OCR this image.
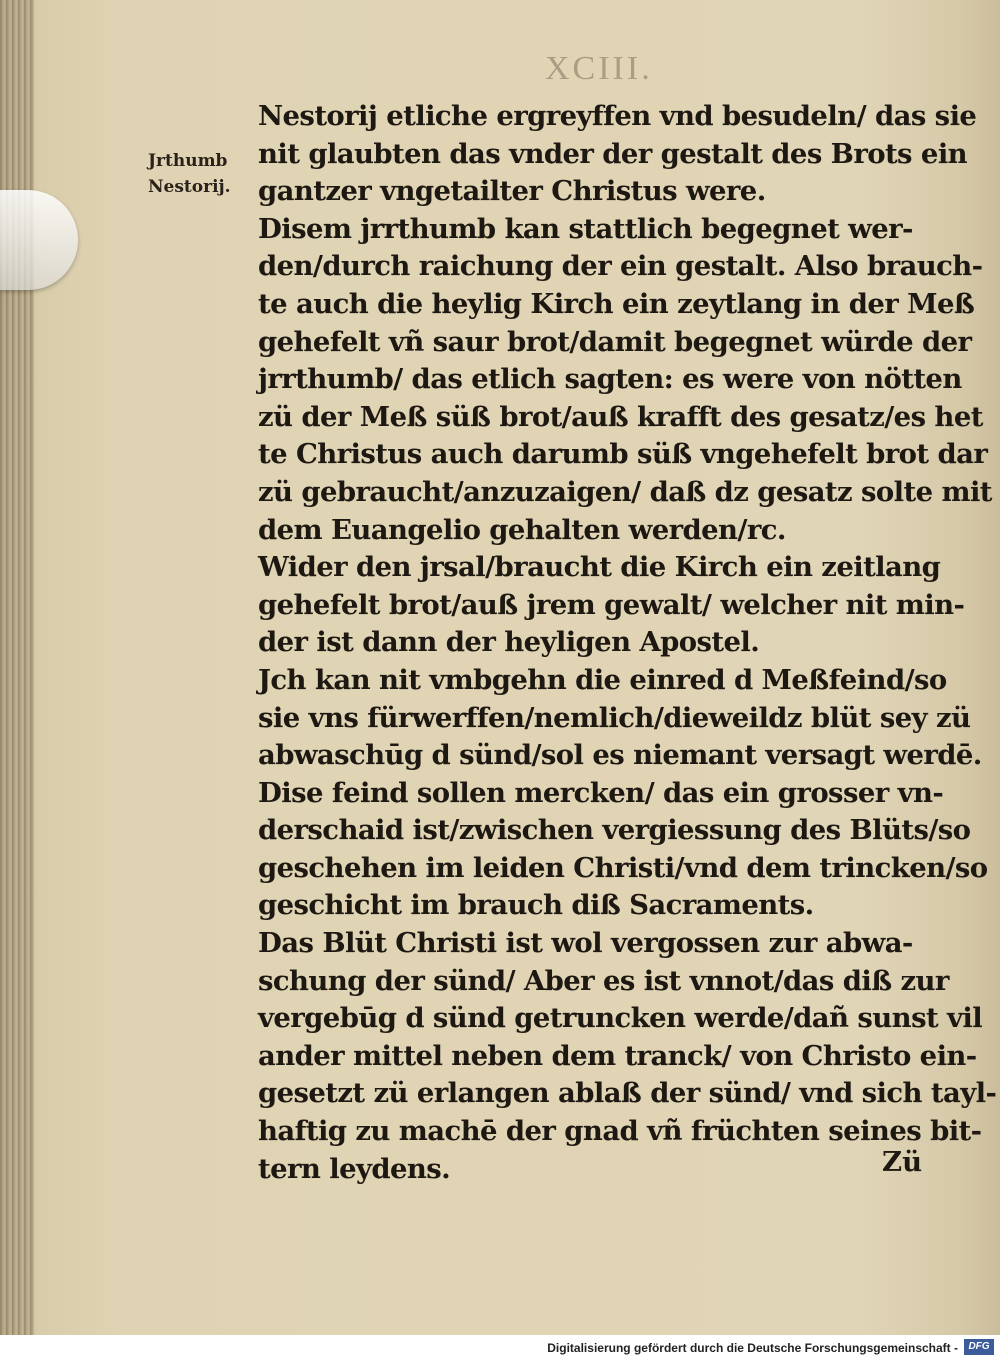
XCIII.
Jrthumb
Nestorij.
Nestorij etliche ergreyffen vnd besudeln/ das sie
nit glaubten das vnder der gestalt des Brots ein
gantzer vngetailter Christus were.
Disem jrrthumb kan stattlich begegnet wer-
den/durch raichung der ein gestalt. Also brauch-
te auch die heylig Kirch ein zeytlang in der Meß
gehefelt vñ saur brot/damit begegnet würde der
jrrthumb/ das etlich sagten: es were von nötten
zü der Meß süß brot/auß krafft des gesatz/es het
te Christus auch darumb süß vngehefelt brot dar
zü gebraucht/anzuzaigen/ daß dz gesatz solte mit
dem Euangelio gehalten werden/rc.
Wider den jrsal/braucht die Kirch ein zeitlang
gehefelt brot/auß jrem gewalt/ welcher nit min-
der ist dann der heyligen Apostel.
Jch kan nit vmbgehn die einred d Meßfeind/so
sie vns fürwerffen/nemlich/dieweildz blüt sey zü
abwaschūg d sünd/sol es niemant versagt werdē.
Dise feind sollen mercken/ das ein grosser vn-
derschaid ist/zwischen vergiessung des Blüts/so
geschehen im leiden Christi/vnd dem trincken/so
geschicht im brauch diß Sacraments.
Das Blüt Christi ist wol vergossen zur abwa-
schung der sünd/ Aber es ist vnnot/das diß zur
vergebūg d sünd getruncken werde/dañ sunst vil
ander mittel neben dem tranck/ von Christo ein-
gesetzt zü erlangen ablaß der sünd/ vnd sich tayl-
haftig zu machē der gnad vñ früchten seines bit-
tern leydens.	Zü
Digitalisierung gefördert durch die Deutsche Forschungsgemeinschaft -	DFG
